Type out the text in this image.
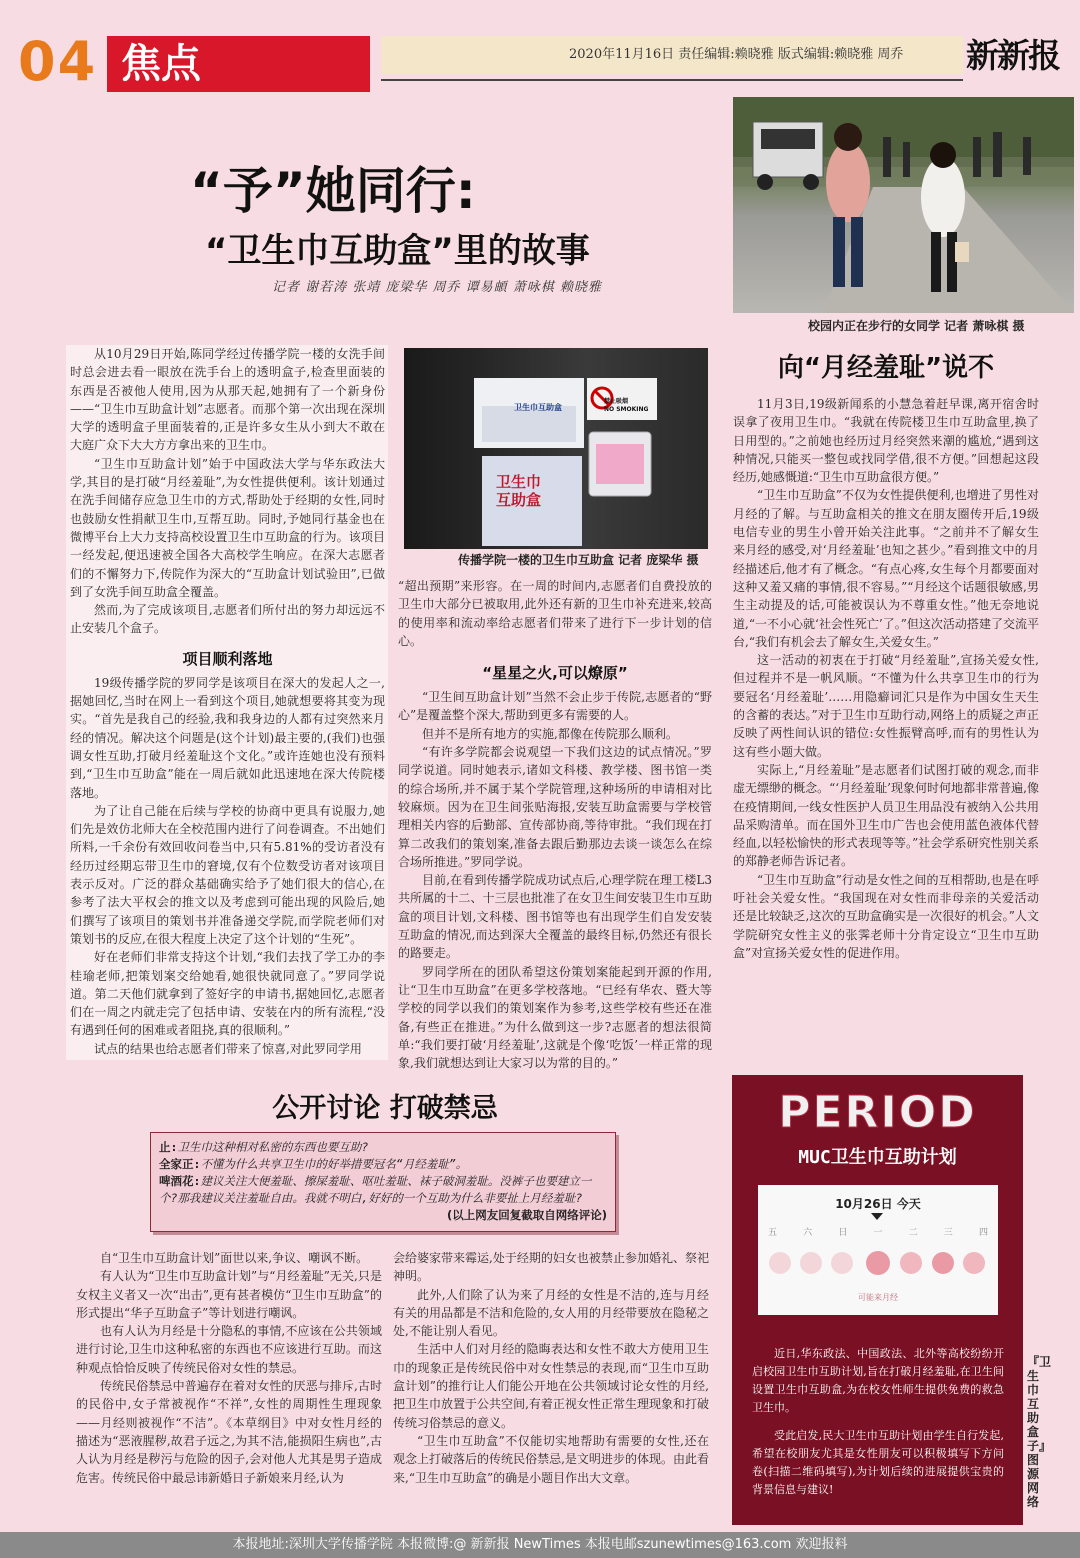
04 焦点	2020年11月16日 责任编辑:赖晓雅 版式编辑:赖晓雅 周乔	新新报
校园内正在步行的女同学 记者 萧咏棋 摄
“予”她同行:
“卫生巾互助盒”里的故事
记者 谢若涛 张靖 庞梁华 周乔 谭易頔 萧咏棋 赖晓雅

从10月29日开始,陈同学经过传播学院一楼的女洗手间时总会进去看一眼放在洗手台上的透明盒子,检查里面装的东西是否被他人使用,因为从那天起,她拥有了一个新身份——“卫生巾互助盒计划”志愿者。而那个第一次出现在深圳大学的透明盒子里面装着的,正是许多女生从小到大不敢在大庭广众下大大方方拿出来的卫生巾。

“卫生巾互助盒计划”始于中国政法大学与华东政法大学,其目的是打破“月经羞耻”,为女性提供便利。该计划通过在洗手间储存应急卫生巾的方式,帮助处于经期的女性,同时也鼓励女性捐献卫生巾,互帮互助。同时,予她同行基金也在微博平台上大力支持高校设置卫生巾互助盒的行为。该项目一经发起,便迅速被全国各大高校学生响应。在深大志愿者们的不懈努力下,传院作为深大的“互助盒计划试验田”,已做到了女洗手间互助盒全覆盖。

然而,为了完成该项目,志愿者们所付出的努力却远远不止安装几个盒子。

项目顺利落地

19级传播学院的罗同学是该项目在深大的发起人之一,据她回忆,当时在网上一看到这个项目,她就想要将其变为现实。“首先是我自己的经验,我和我身边的人都有过突然来月经的情况。解决这个问题是(这个计划)最主要的,(我们)也强调女性互助,打破月经羞耻这个文化。”或许连她也没有预料到,“卫生巾互助盒”能在一周后就如此迅速地在深大传院楼落地。

为了让自己能在后续与学校的协商中更具有说服力,她们先是效仿北师大在全校范围内进行了问卷调查。不出她们所料,一千余份有效回收问卷当中,只有5.81%的受访者没有经历过经期忘带卫生巾的窘境,仅有个位数受访者对该项目表示反对。广泛的群众基础确实给予了她们很大的信心,在参考了法大平权会的推文以及考虑到可能出现的风险后,她们撰写了该项目的策划书并准备递交学院,而学院老师们对策划书的反应,在很大程度上决定了这个计划的“生死”。

好在老师们非常支持这个计划,“我们去找了学工办的李桂瑜老师,把策划案交给她看,她很快就同意了。”罗同学说道。第二天他们就拿到了签好字的申请书,据她回忆,志愿者们在一周之内就走完了包括申请、安装在内的所有流程,“没有遇到任何的困难或者阻挠,真的很顺利。”

试点的结果也给志愿者们带来了惊喜,对此罗同学用

卫生巾互助盒
禁止吸烟
NO SMOKING
卫生巾
互助盒
传播学院一楼的卫生巾互助盒 记者 庞梁华 摄

“超出预期”来形容。在一周的时间内,志愿者们自费投放的卫生巾大部分已被取用,此外还有新的卫生巾补充进来,较高的使用率和流动率给志愿者们带来了进行下一步计划的信心。

“星星之火,可以燎原”

“卫生间互助盒计划”当然不会止步于传院,志愿者的“野心”是覆盖整个深大,帮助到更多有需要的人。

但并不是所有地方的实施,都像在传院那么顺利。

“有许多学院都会说观望一下我们这边的试点情况。”罗同学说道。同时她表示,诸如文科楼、教学楼、图书馆一类的综合场所,并不属于某个学院管理,这种场所的申请相对比较麻烦。因为在卫生间张贴海报,安装互助盒需要与学校管理相关内容的后勤部、宣传部协商,等待审批。“我们现在打算二改我们的策划案,准备去跟后勤那边去谈一谈怎么在综合场所推进。”罗同学说。

目前,在看到传播学院成功试点后,心理学院在理工楼L3共所属的十二、十三层也批准了在女卫生间安装卫生巾互助盒的项目计划,文科楼、图书馆等也有出现学生们自发安装互助盒的情况,而达到深大全覆盖的最终目标,仍然还有很长的路要走。

罗同学所在的团队希望这份策划案能起到开源的作用,让“卫生巾互助盒”在更多学校落地。“已经有华农、暨大等学校的同学以我们的策划案作为参考,这些学校有些还在准备,有些正在推进。”为什么做到这一步?志愿者的想法很简单:“我们要打破‘月经羞耻’,这就是个像‘吃饭’一样正常的现象,我们就想达到让大家习以为常的目的。”

向“月经羞耻”说不

11月3日,19级新闻系的小慧急着赶早课,离开宿舍时误拿了夜用卫生巾。“我就在传院楼卫生巾互助盒里,换了日用型的。”之前她也经历过月经突然来潮的尴尬,“遇到这种情况,只能买一整包或找同学借,很不方便。”回想起这段经历,她感慨道:“卫生巾互助盒很方便。”

“卫生巾互助盒”不仅为女性提供便利,也增进了男性对月经的了解。与互助盒相关的推文在朋友圈传开后,19级电信专业的男生小曾开始关注此事。“之前并不了解女生来月经的感受,对‘月经羞耻’也知之甚少。”看到推文中的月经描述后,他才有了概念。“有点心疼,女生每个月都要面对这种又羞又痛的事情,很不容易。”“月经这个话题很敏感,男生主动提及的话,可能被误认为不尊重女性。”他无奈地说道,“一不小心就‘社会性死亡’了。”但这次活动搭建了交流平台,“我们有机会去了解女生,关爱女生。”

这一活动的初衷在于打破“月经羞耻”,宣扬关爱女性,但过程并不是一帆风顺。“不懂为什么共享卫生巾的行为要冠名‘月经羞耻’……用隐癖词汇只是作为中国女生天生的含蓄的表达。”对于卫生巾互助行动,网络上的质疑之声正反映了两性间认识的错位:女性振臂高呼,而有的男性认为这有些小题大做。

实际上,“月经羞耻”是志愿者们试图打破的观念,而非虚无缥缈的概念。“‘月经羞耻’现象何时何地都非常普遍,像在疫情期间,一线女性医护人员卫生用品没有被纳入公共用品采购清单。而在国外卫生巾广告也会使用蓝色液体代替经血,以轻松愉快的形式表现等等。”社会学系研究性别关系的郑静老师告诉记者。

“卫生巾互助盒”行动是女性之间的互相帮助,也是在呼吁社会关爱女性。“我国现在对女性而非母亲的关爱活动还是比较缺乏,这次的互助盒确实是一次很好的机会。”人文学院研究女性主义的张霁老师十分肯定设立“卫生巾互助盒”对宣扬关爱女性的促进作用。

公开讨论 打破禁忌
止:卫生巾这种相对私密的东西也要互助?
全家正:不懂为什么共享卫生巾的好举措要冠名“月经羞耻”。
啤酒花:建议关注大便羞耻、擦屎羞耻、呕吐羞耻、袜子破洞羞耻。没裤子也要建立一个?那我建议关注羞耻自由。我就不明白,好好的一个互助为什么非要扯上月经羞耻?
(以上网友回复截取自网络评论)

自“卫生巾互助盒计划”面世以来,争议、嘲讽不断。

有人认为“卫生巾互助盒计划”与“月经羞耻”无关,只是女权主义者又一次“出击”,更有甚者模仿“卫生巾互助盒”的形式提出“华子互助盒子”等计划进行嘲讽。

也有人认为月经是十分隐私的事情,不应该在公共领域进行讨论,卫生巾这种私密的东西也不应该进行互助。而这种观点恰恰反映了传统民俗对女性的禁忌。

传统民俗禁忌中普遍存在着对女性的厌恶与排斥,古时的民俗中,女子常被视作“不祥”,女性的周期性生理现象——月经则被视作“不洁”。《本草纲目》中对女性月经的描述为“恶液腥秽,故君子远之,为其不洁,能损阳生病也”,古人认为月经是秽污与危险的因子,会对他人尤其是男子造成危害。传统民俗中最忌讳新婚日子新娘来月经,认为

会给婆家带来霉运,处于经期的妇女也被禁止参加婚礼、祭祀神明。

此外,人们除了认为来了月经的女性是不洁的,连与月经有关的用品都是不洁和危险的,女人用的月经带要放在隐秘之处,不能让别人看见。

生活中人们对月经的隐晦表达和女性不敢大方使用卫生巾的现象正是传统民俗中对女性禁忌的表现,而“卫生巾互助盒计划”的推行让人们能公开地在公共领域讨论女性的月经,把卫生巾放置于公共空间,有着正视女性正常生理现象和打破传统习俗禁忌的意义。

“卫生巾互助盒”不仅能切实地帮助有需要的女性,还在观念上打破落后的传统民俗禁忌,是文明进步的体现。由此看来,“卫生巾互助盒”的确是小题目作出大文章。

PERIOD
MUC卫生巾互助计划
10月26日 今天
五	六	日	一	二	三	四
可能来月经

近日,华东政法、中国政法、北外等高校纷纷开启校园卫生巾互助计划,旨在打破月经羞耻,在卫生间设置卫生巾互助盒,为在校女性师生提供免费的救急卫生巾。

受此启发,民大卫生巾互助计划由学生自行发起,希望在校朋友尤其是女性朋友可以积极填写下方问卷(扫描二维码填写),为计划后续的进展提供宝贵的背景信息与建议!

『卫生巾互助盒子』图源网络
本报地址:深圳大学传播学院 本报微博:@ 新新报 NewTimes 本报电邮szunewtimes@163.com 欢迎报料
